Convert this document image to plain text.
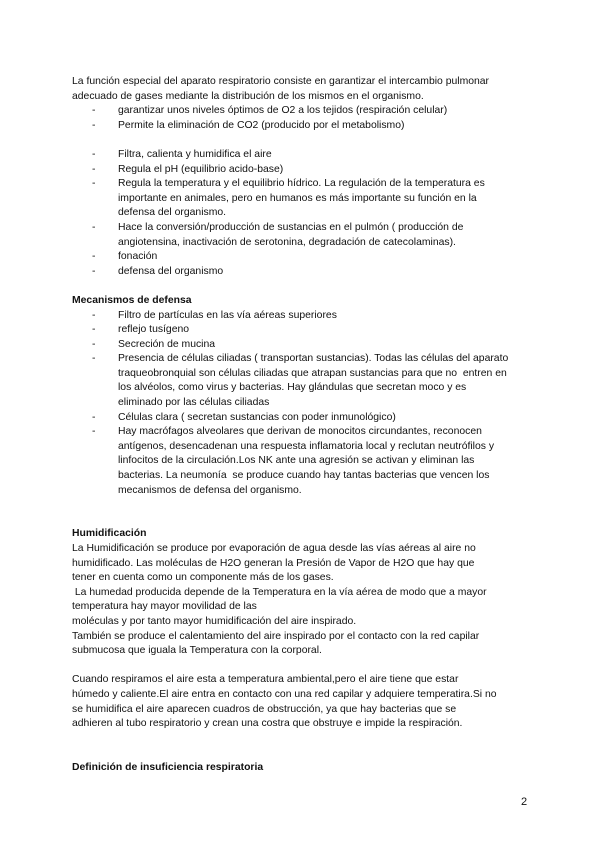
La función especial del aparato respiratorio consiste en garantizar el intercambio pulmonar
adecuado de gases mediante la distribución de los mismos en el organismo.
- garantizar unos niveles óptimos de O2 a los tejidos (respiración celular)
- Permite la eliminación de CO2 (producido por el metabolismo)
- Filtra, calienta y humidifica el aire
- Regula el pH (equilibrio acido-base)
- Regula la temperatura y el equilibrio hídrico. La regulación de la temperatura es
importante en animales, pero en humanos es más importante su función en la
defensa del organismo.
- Hace la conversión/producción de sustancias en el pulmón ( producción de
angiotensina, inactivación de serotonina, degradación de catecolaminas).
- fonación
- defensa del organismo
Mecanismos de defensa
- Filtro de partículas en las vía aéreas superiores
- reflejo tusígeno
- Secreción de mucina
- Presencia de células ciliadas ( transportan sustancias). Todas las células del aparato
traqueobronquial son células ciliadas que atrapan sustancias para que no  entren en
los alvéolos, como virus y bacterias. Hay glándulas que secretan moco y es
eliminado por las células ciliadas
- Células clara ( secretan sustancias con poder inmunológico)
- Hay macrófagos alveolares que derivan de monocitos circundantes, reconocen
antígenos, desencadenan una respuesta inflamatoria local y reclutan neutrófilos y
linfocitos de la circulación.Los NK ante una agresión se activan y eliminan las
bacterias. La neumonía  se produce cuando hay tantas bacterias que vencen los
mecanismos de defensa del organismo.
Humidificación
La Humidificación se produce por evaporación de agua desde las vías aéreas al aire no
humidificado. Las moléculas de H2O generan la Presión de Vapor de H2O que hay que
tener en cuenta como un componente más de los gases.
La humedad producida depende de la Temperatura en la vía aérea de modo que a mayor
temperatura hay mayor movilidad de las
moléculas y por tanto mayor humidificación del aire inspirado.
También se produce el calentamiento del aire inspirado por el contacto con la red capilar
submucosa que iguala la Temperatura con la corporal.
Cuando respiramos el aire esta a temperatura ambiental,pero el aire tiene que estar
húmedo y caliente.El aire entra en contacto con una red capilar y adquiere temperatira.Si no
se humidifica el aire aparecen cuadros de obstrucción, ya que hay bacterias que se
adhieren al tubo respiratorio y crean una costra que obstruye e impide la respiración.
Definición de insuficiencia respiratoria
2
